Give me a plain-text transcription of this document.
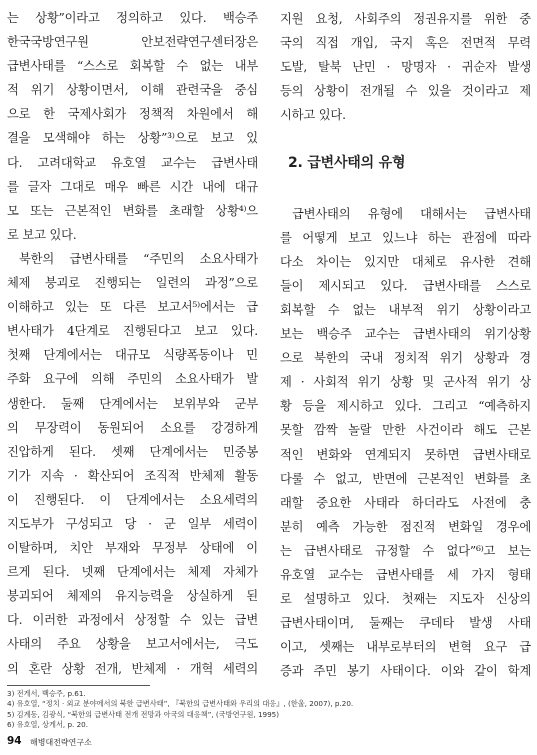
는 상황”이라고 정의하고 있다. 백승주
한국국방연구원 안보전략연구센터장은
급변사태를 “스스로 회복할 수 없는 내부
적 위기 상황이면서, 이해 관련국을 중심
으로 한 국제사회가 정책적 차원에서 해
결을 모색해야 하는 상황”³⁾으로 보고 있
다. 고려대학교 유호열 교수는 급변사태
를 글자 그대로 매우 빠른 시간 내에 대규
모 또는 근본적인 변화를 초래할 상황⁴⁾으
로 보고 있다.
북한의 급변사태를 “주민의 소요사태가
체제 붕괴로 진행되는 일련의 과정”으로
이해하고 있는 또 다른 보고서⁵⁾에서는 급
변사태가 4단계로 진행된다고 보고 있다.
첫째 단계에서는 대규모 식량폭동이나 민
주화 요구에 의해 주민의 소요사태가 발
생한다. 둘째 단계에서는 보위부와 군부
의 무장력이 동원되어 소요를 강경하게
진압하게 된다. 셋째 단계에서는 민중봉
기가 지속 · 확산되어 조직적 반체제 활동
이 진행된다. 이 단계에서는 소요세력의
지도부가 구성되고 당 · 군 일부 세력이
이탈하며, 치안 부재와 무정부 상태에 이
르게 된다. 넷째 단계에서는 체제 자체가
붕괴되어 체제의 유지능력을 상실하게 된
다. 이러한 과정에서 상정할 수 있는 급변
사태의 주요 상황을 보고서에서는, 극도
의 혼란 상황 전개, 반체제 · 개혁 세력의
지원 요청, 사회주의 정권유지를 위한 중
국의 직접 개입, 국지 혹은 전면적 무력
도발, 탈북 난민 · 망명자 · 귀순자 발생
등의 상황이 전개될 수 있을 것이라고 제
시하고 있다.
2. 급변사태의 유형
급변사태의 유형에 대해서는 급변사태
를 어떻게 보고 있느냐 하는 관점에 따라
다소 차이는 있지만 대체로 유사한 견해
들이 제시되고 있다. 급변사태를 스스로
회복할 수 없는 내부적 위기 상황이라고
보는 백승주 교수는 급변사태의 위기상황
으로 북한의 국내 정치적 위기 상황과 경
제 · 사회적 위기 상황 및 군사적 위기 상
황 등을 제시하고 있다. 그리고 “예측하지
못할 깜짝 놀랄 만한 사건이라 해도 근본
적인 변화와 연계되지 못하면 급변사태로
다룰 수 없고, 반면에 근본적인 변화를 초
래할 중요한 사태라 하더라도 사전에 충
분히 예측 가능한 점진적 변화일 경우에
는 급변사태로 규정할 수 없다”⁶⁾고 보는
유호열 교수는 급변사태를 세 가지 형태
로 설명하고 있다. 첫째는 지도자 신상의
급변사태이며, 둘째는 쿠데타 발생 사태
이고, 셋째는 내부로부터의 변혁 요구 급
증과 주민 봉기 사태이다. 이와 같이 학계
3) 전게서, 백승주, p.61.
4) 유호열, “정치 · 외교 분야에서의 북한 급변사태”, 『북한의 급변사태와 우리의 대응』, (한울, 2007), p.20.
5) 김계동, 김광식, “북한의 급변사태 전개 전망과 아국의 대응책”, (국방연구원, 1995)
6) 유호열, 상게서, p. 20.
94 해병대전략연구소
